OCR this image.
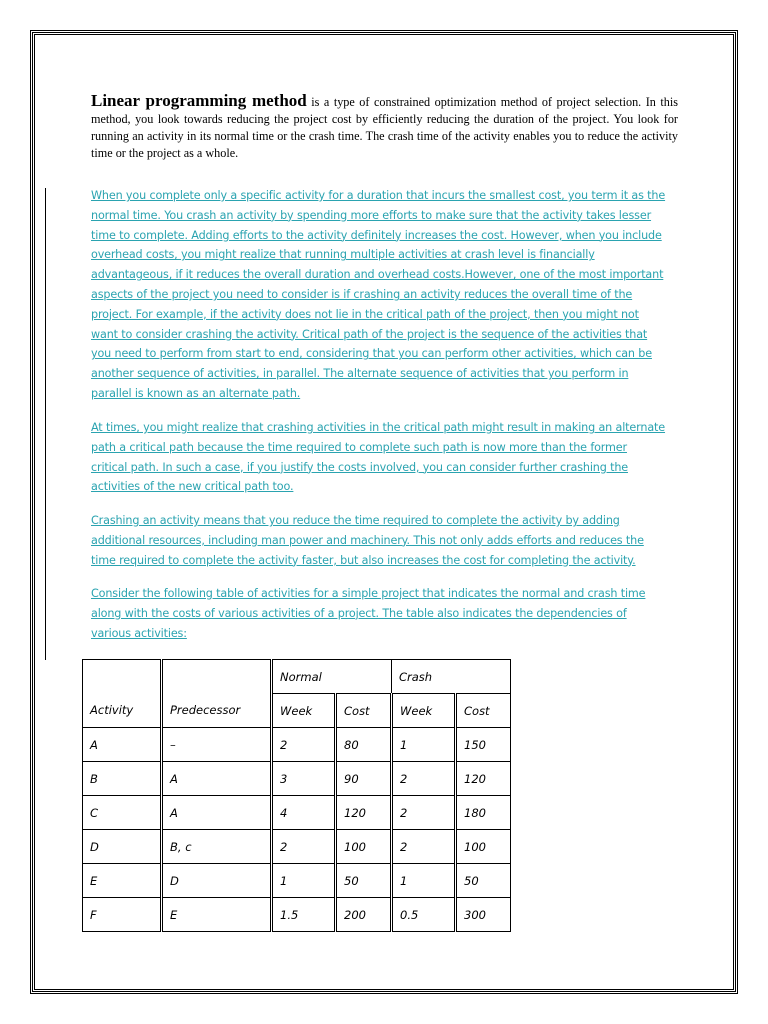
Linear programming method is a type of constrained optimization method of project selection. In this method, you look towards reducing the project cost by efficiently reducing the duration of the project. You look for running an activity in its normal time or the crash time. The crash time of the activity enables you to reduce the activity time or the project as a whole.
When you complete only a specific activity for a duration that incurs the smallest cost, you term it as the
normal time. You crash an activity by spending more efforts to make sure that the activity takes lesser
time to complete. Adding efforts to the activity definitely increases the cost. However, when you include
overhead costs, you might realize that running multiple activities at crash level is financially
advantageous, if it reduces the overall duration and overhead costs.However, one of the most important
aspects of the project you need to consider is if crashing an activity reduces the overall time of the
project. For example, if the activity does not lie in the critical path of the project, then you might not
want to consider crashing the activity. Critical path of the project is the sequence of the activities that
you need to perform from start to end, considering that you can perform other activities, which can be
another sequence of activities, in parallel. The alternate sequence of activities that you perform in
parallel is known as an alternate path.
At times, you might realize that crashing activities in the critical path might result in making an alternate
path a critical path because the time required to complete such path is now more than the former
critical path. In such a case, if you justify the costs involved, you can consider further crashing the
activities of the new critical path too.
Crashing an activity means that you reduce the time required to complete the activity by adding
additional resources, including man power and machinery. This not only adds efforts and reduces the
time required to complete the activity faster, but also increases the cost for completing the activity.
Consider the following table of activities for a simple project that indicates the normal and crash time
along with the costs of various activities of a project. The table also indicates the dependencies of
various activities:
		Normal		Crash	
Activity	Predecessor	Week	Cost	Week	Cost
A	–	2	80	1	150
B	A	3	90	2	120
C	A	4	120	2	180
D	B, c	2	100	2	100
E	D	1	50	1	50
F	E	1.5	200	0.5	300
